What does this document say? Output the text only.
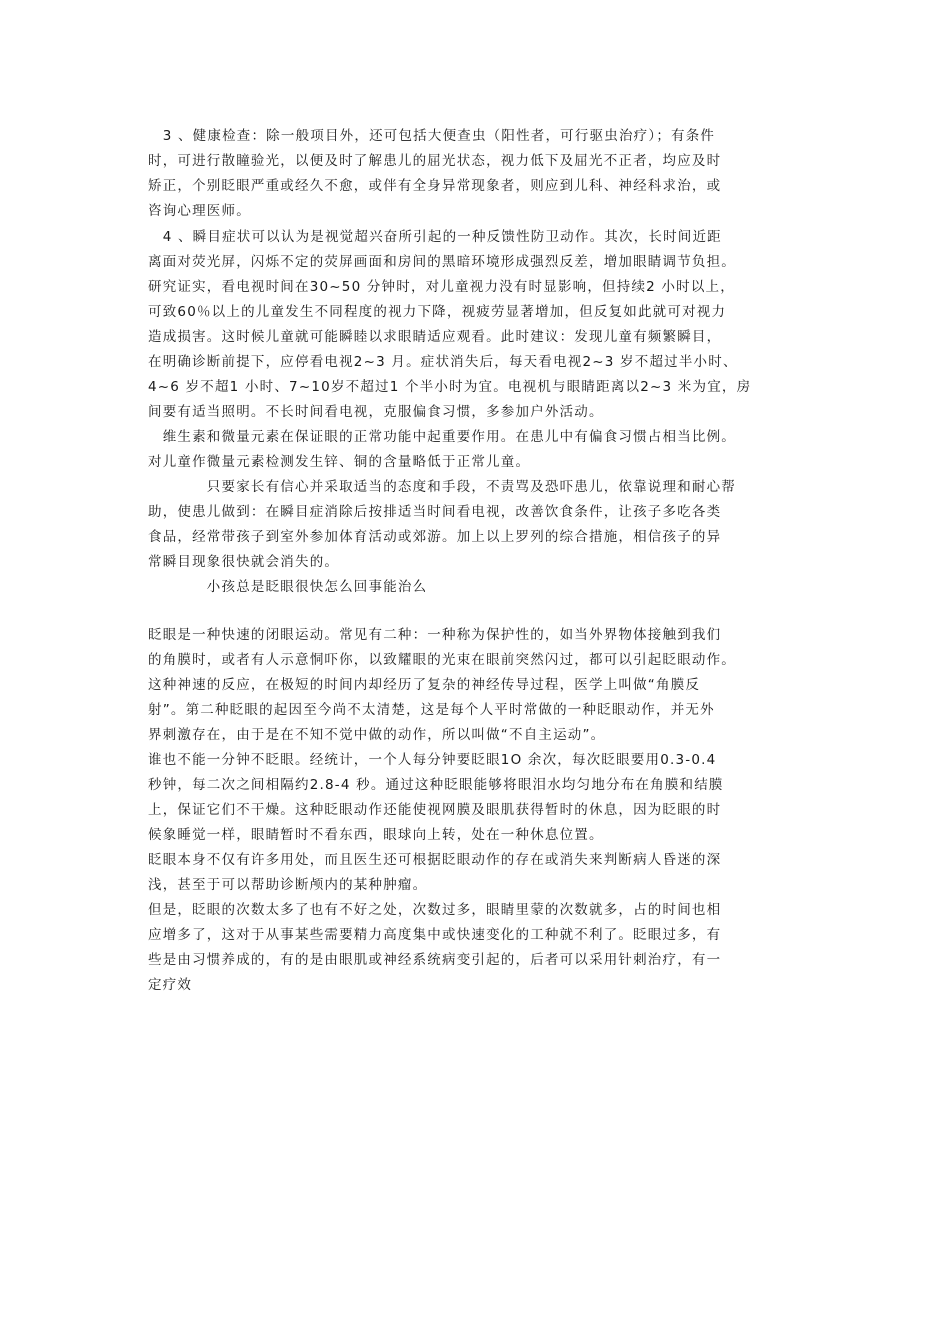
　3 、健康检查：除一般项目外，还可包括大便查虫（阳性者，可行驱虫治疗）；有条件
时，可进行散瞳验光，以便及时了解患儿的屈光状态，视力低下及屈光不正者，均应及时
矫正，个别眨眼严重或经久不愈，或伴有全身异常现象者，则应到儿科、神经科求治，或
咨询心理医师。
　4 、瞬目症状可以认为是视觉超兴奋所引起的一种反馈性防卫动作。其次，长时间近距
离面对荧光屏，闪烁不定的荧屏画面和房间的黑暗环境形成强烈反差，增加眼睛调节负担。
研究证实，看电视时间在30~50 分钟时，对儿童视力没有时显影响，但持续2 小时以上，
可致60％以上的儿童发生不同程度的视力下降，视疲劳显著增加，但反复如此就可对视力
造成损害。这时候儿童就可能瞬睦以求眼睛适应观看。此时建议：发现儿童有频繁瞬目，
在明确诊断前提下，应停看电视2~3 月。症状消失后，每天看电视2~3 岁不超过半小时、
4~6 岁不超1 小时、7~10岁不超过1 个半小时为宜。电视机与眼睛距离以2~3 米为宜，房
间要有适当照明。不长时间看电视，克服偏食习惯，多参加户外活动。
　维生素和微量元素在保证眼的正常功能中起重要作用。在患儿中有偏食习惯占相当比例。
对儿童作微量元素检测发生锌、铜的含量略低于正常儿童。
　　　　只要家长有信心并采取适当的态度和手段，不责骂及恐吓患儿，依靠说理和耐心帮
助，使患儿做到：在瞬目症消除后按排适当时间看电视，改善饮食条件，让孩子多吃各类
食品，经常带孩子到室外参加体育活动或郊游。加上以上罗列的综合措施，相信孩子的异
常瞬目现象很快就会消失的。
　　　　小孩总是眨眼很快怎么回事能治么
眨眼是一种快速的闭眼运动。常见有二种：一种称为保护性的，如当外界物体接触到我们
的角膜时，或者有人示意恫吓你，以致耀眼的光束在眼前突然闪过，都可以引起眨眼动作。
这种神速的反应，在极短的时间内却经历了复杂的神经传导过程，医学上叫做“角膜反
射”。第二种眨眼的起因至今尚不太清楚，这是每个人平时常做的一种眨眼动作，并无外
界刺激存在，由于是在不知不觉中做的动作，所以叫做“不自主运动”。
谁也不能一分钟不眨眼。经统计，一个人每分钟要眨眼1O 余次，每次眨眼要用0.3-0.4
秒钟，每二次之间相隔约2.8-4 秒。通过这种眨眼能够将眼泪水均匀地分布在角膜和结膜
上，保证它们不干燥。这种眨眼动作还能使视网膜及眼肌获得暂时的休息，因为眨眼的时
候象睡觉一样，眼睛暂时不看东西，眼球向上转，处在一种休息位置。
眨眼本身不仅有许多用处，而且医生还可根据眨眼动作的存在或消失来判断病人昏迷的深
浅，甚至于可以帮助诊断颅内的某种肿瘤。
但是，眨眼的次数太多了也有不好之处，次数过多，眼睛里蒙的次数就多，占的时间也相
应增多了，这对于从事某些需要精力高度集中或快速变化的工种就不利了。眨眼过多，有
些是由习惯养成的，有的是由眼肌或神经系统病变引起的，后者可以采用针刺治疗，有一
定疗效
